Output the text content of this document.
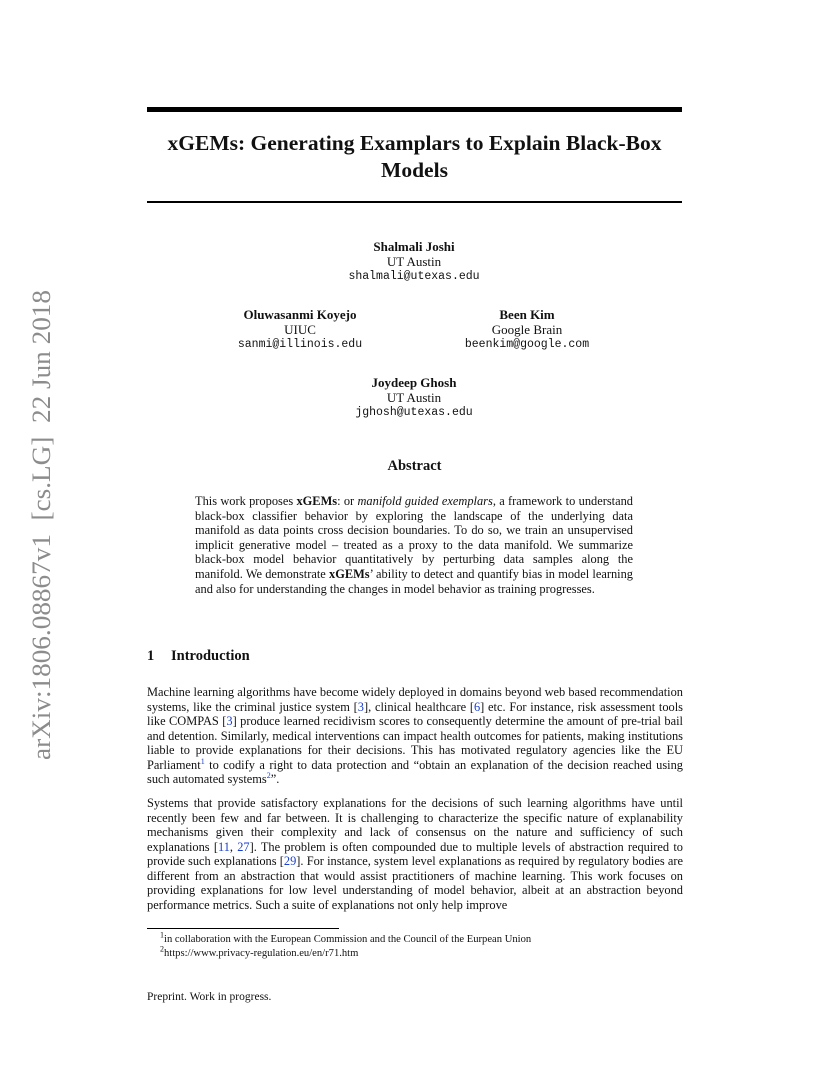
arXiv:1806.08867v1  [cs.LG]  22 Jun 2018
xGEMs: Generating Examplars to Explain Black-Box
Models
Shalmali Joshi
UT Austin
shalmali@utexas.edu
Oluwasanmi Koyejo
UIUC
sanmi@illinois.edu
Been Kim
Google Brain
beenkim@google.com
Joydeep Ghosh
UT Austin
jghosh@utexas.edu
Abstract
This work proposes xGEMs: or manifold guided exemplars, a framework to understand black-box classifier behavior by exploring the landscape of the underlying data manifold as data points cross decision boundaries. To do so, we train an unsupervised implicit generative model – treated as a proxy to the data manifold. We summarize black-box model behavior quantitatively by perturbing data samples along the manifold. We demonstrate xGEMs’ ability to detect and quantify bias in model learning and also for understanding the changes in model behavior as training progresses.
1 Introduction
Machine learning algorithms have become widely deployed in domains beyond web based recommendation systems, like the criminal justice system [3], clinical healthcare [6] etc. For instance, risk assessment tools like COMPAS [3] produce learned recidivism scores to consequently determine the amount of pre-trial bail and detention. Similarly, medical interventions can impact health outcomes for patients, making institutions liable to provide explanations for their decisions. This has motivated regulatory agencies like the EU Parliament$^1$ to codify a right to data protection and “obtain an explanation of the decision reached using such automated systems$^2$”.
Systems that provide satisfactory explanations for the decisions of such learning algorithms have until recently been few and far between. It is challenging to characterize the specific nature of explanability mechanisms given their complexity and lack of consensus on the nature and sufficiency of such explanations [11, 27]. The problem is often compounded due to multiple levels of abstraction required to provide such explanations [29]. For instance, system level explanations as required by regulatory bodies are different from an abstraction that would assist practitioners of machine learning. This work focuses on providing explanations for low level understanding of model behavior, albeit at an abstraction beyond performance metrics. Such a suite of explanations not only help improve
$^1$in collaboration with the European Commission and the Council of the Eurpean Union
$^2$https://www.privacy-regulation.eu/en/r71.htm
Preprint. Work in progress.
